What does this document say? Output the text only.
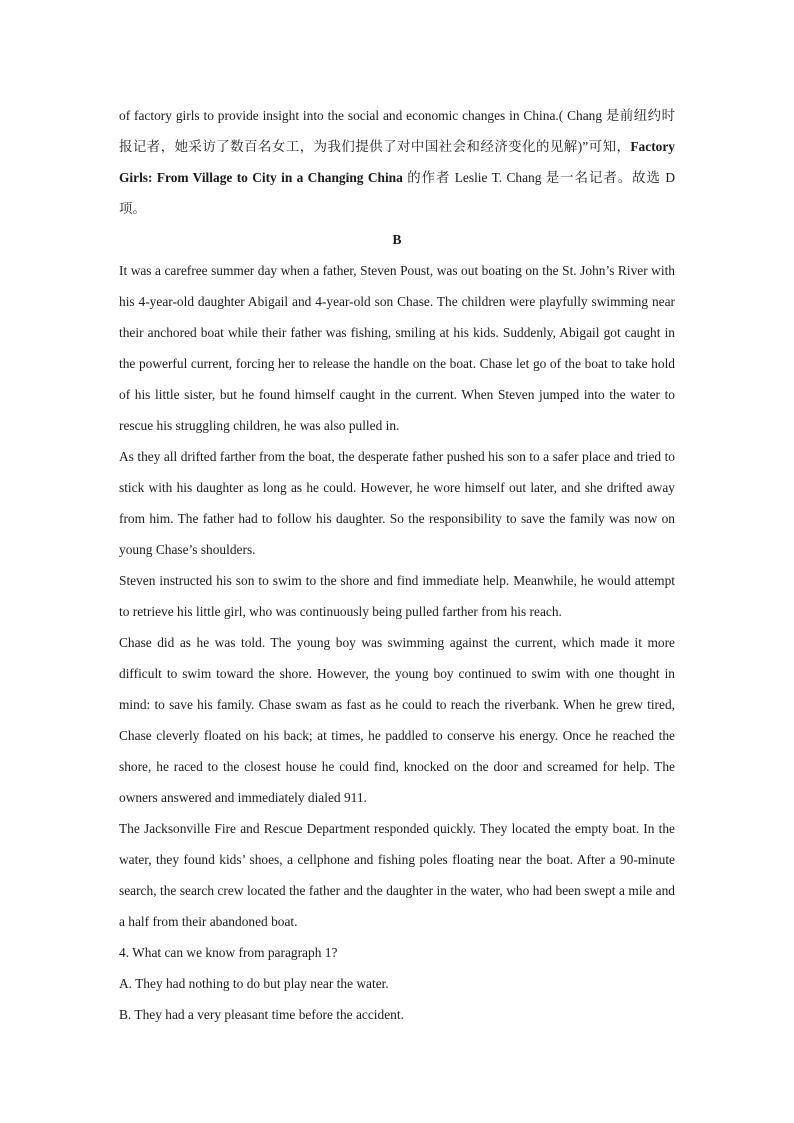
of factory girls to provide insight into the social and economic changes in China.( Chang 是前纽约时报记者，她采访了数百名女工，为我们提供了对中国社会和经济变化的见解)”可知，Factory Girls: From Village to City in a Changing China 的作者 Leslie T. Chang 是一名记者。故选 D 项。

B

It was a carefree summer day when a father, Steven Poust, was out boating on the St. John’s River with his 4-year-old daughter Abigail and 4-year-old son Chase. The children were playfully swimming near their anchored boat while their father was fishing, smiling at his kids. Suddenly, Abigail got caught in the powerful current, forcing her to release the handle on the boat. Chase let go of the boat to take hold of his little sister, but he found himself caught in the current. When Steven jumped into the water to rescue his struggling children, he was also pulled in.

As they all drifted farther from the boat, the desperate father pushed his son to a safer place and tried to stick with his daughter as long as he could. However, he wore himself out later, and she drifted away from him. The father had to follow his daughter. So the responsibility to save the family was now on young Chase’s shoulders.

Steven instructed his son to swim to the shore and find immediate help. Meanwhile, he would attempt to retrieve his little girl, who was continuously being pulled farther from his reach.

Chase did as he was told. The young boy was swimming against the current, which made it more difficult to swim toward the shore. However, the young boy continued to swim with one thought in mind: to save his family. Chase swam as fast as he could to reach the riverbank. When he grew tired, Chase cleverly floated on his back; at times, he paddled to conserve his energy. Once he reached the shore, he raced to the closest house he could find, knocked on the door and screamed for help. The owners answered and immediately dialed 911.

The Jacksonville Fire and Rescue Department responded quickly. They located the empty boat. In the water, they found kids’ shoes, a cellphone and fishing poles floating near the boat. After a 90-minute search, the search crew located the father and the daughter in the water, who had been swept a mile and a half from their abandoned boat.

4. What can we know from paragraph 1?

A. They had nothing to do but play near the water.

B. They had a very pleasant time before the accident.
